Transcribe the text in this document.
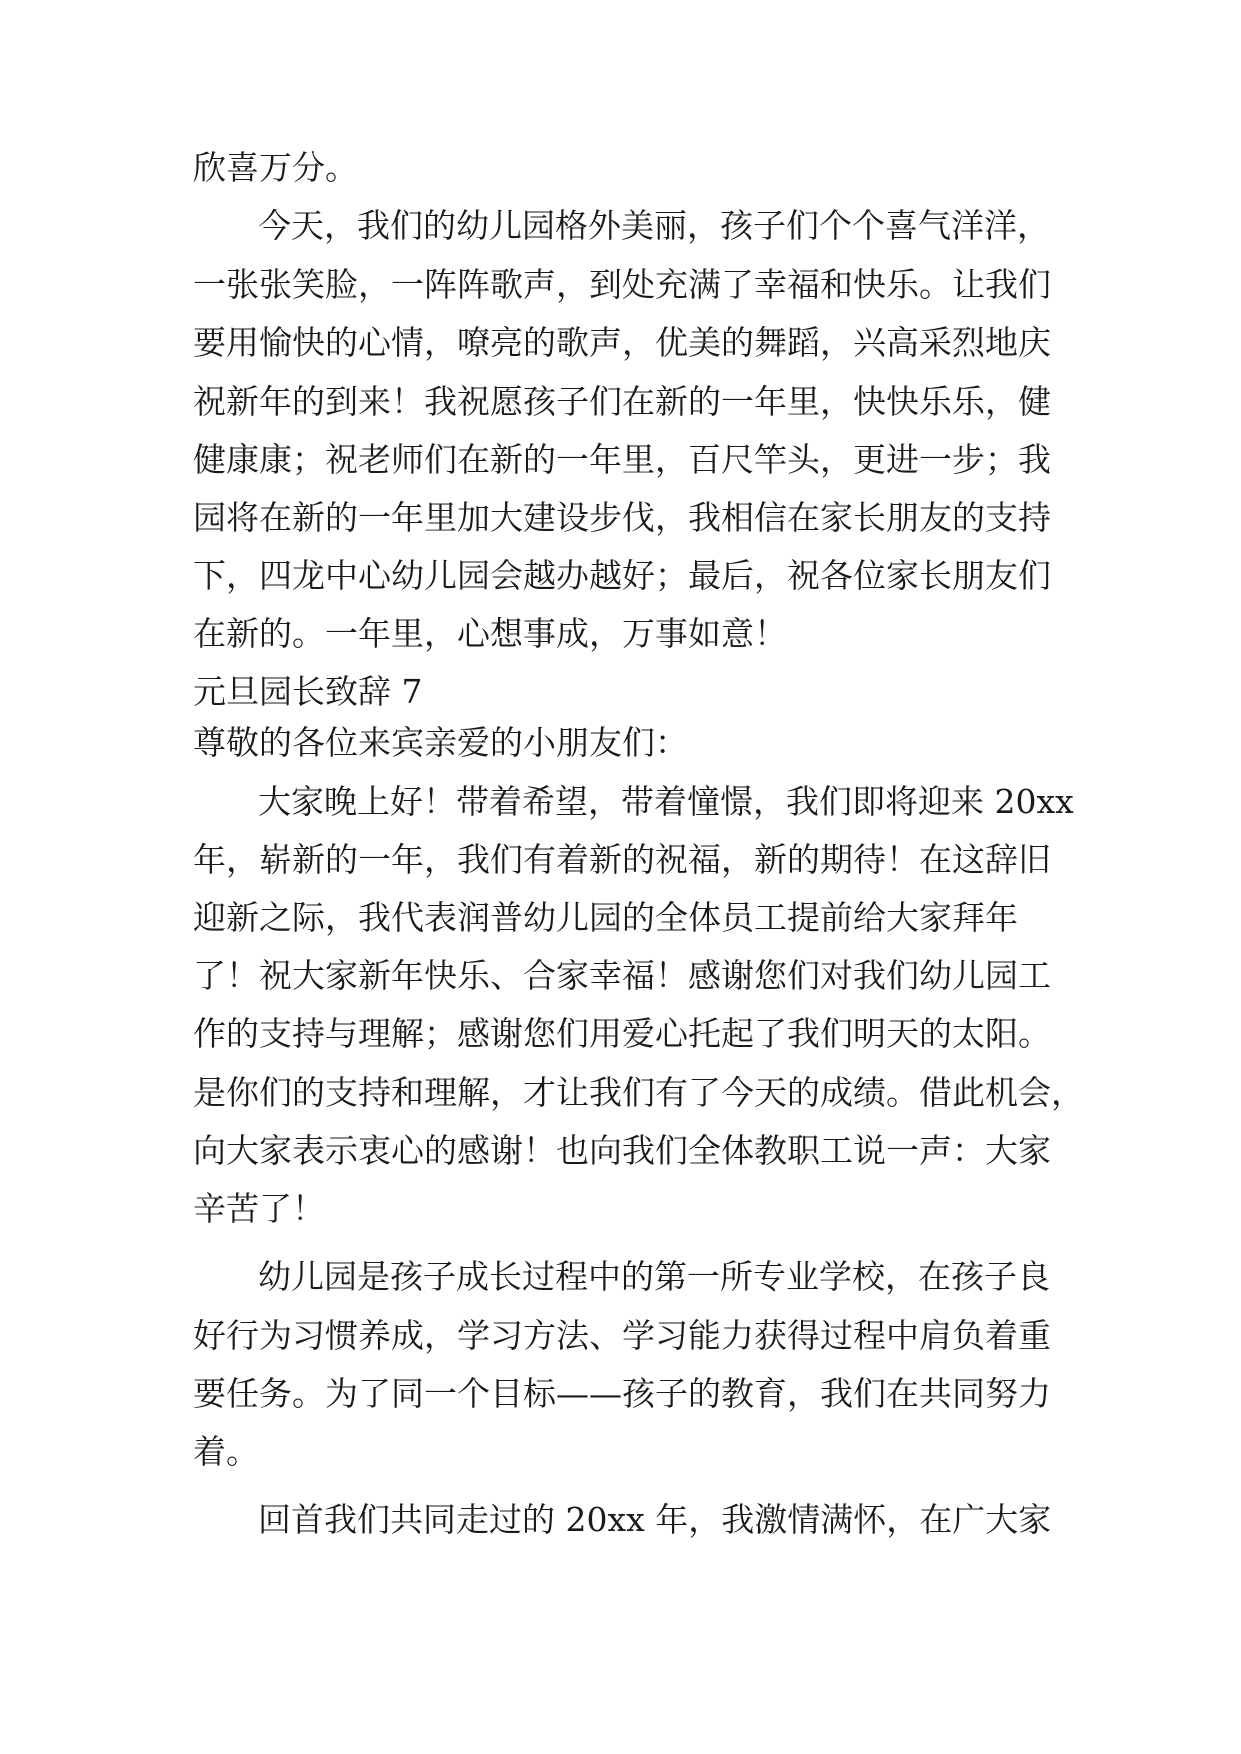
欣喜万分。
今天，我们的幼儿园格外美丽，孩子们个个喜气洋洋，
一张张笑脸，一阵阵歌声，到处充满了幸福和快乐。让我们
要用愉快的心情，嘹亮的歌声，优美的舞蹈，兴高采烈地庆
祝新年的到来！我祝愿孩子们在新的一年里，快快乐乐，健
健康康；祝老师们在新的一年里，百尺竿头，更进一步；我
园将在新的一年里加大建设步伐，我相信在家长朋友的支持
下，四龙中心幼儿园会越办越好；最后，祝各位家长朋友们
在新的。一年里，心想事成，万事如意！
元旦园长致辞 7
尊敬的各位来宾亲爱的小朋友们：
大家晚上好！带着希望，带着憧憬，我们即将迎来 20xx
年，崭新的一年，我们有着新的祝福，新的期待！在这辞旧
迎新之际，我代表润普幼儿园的全体员工提前给大家拜年
了！祝大家新年快乐、合家幸福！感谢您们对我们幼儿园工
作的支持与理解；感谢您们用爱心托起了我们明天的太阳。
是你们的支持和理解，才让我们有了今天的成绩。借此机会，
向大家表示衷心的感谢！也向我们全体教职工说一声：大家
辛苦了！
幼儿园是孩子成长过程中的第一所专业学校，在孩子良
好行为习惯养成，学习方法、学习能力获得过程中肩负着重
要任务。为了同一个目标——孩子的教育，我们在共同努力
着。
回首我们共同走过的 20xx 年，我激情满怀，在广大家
